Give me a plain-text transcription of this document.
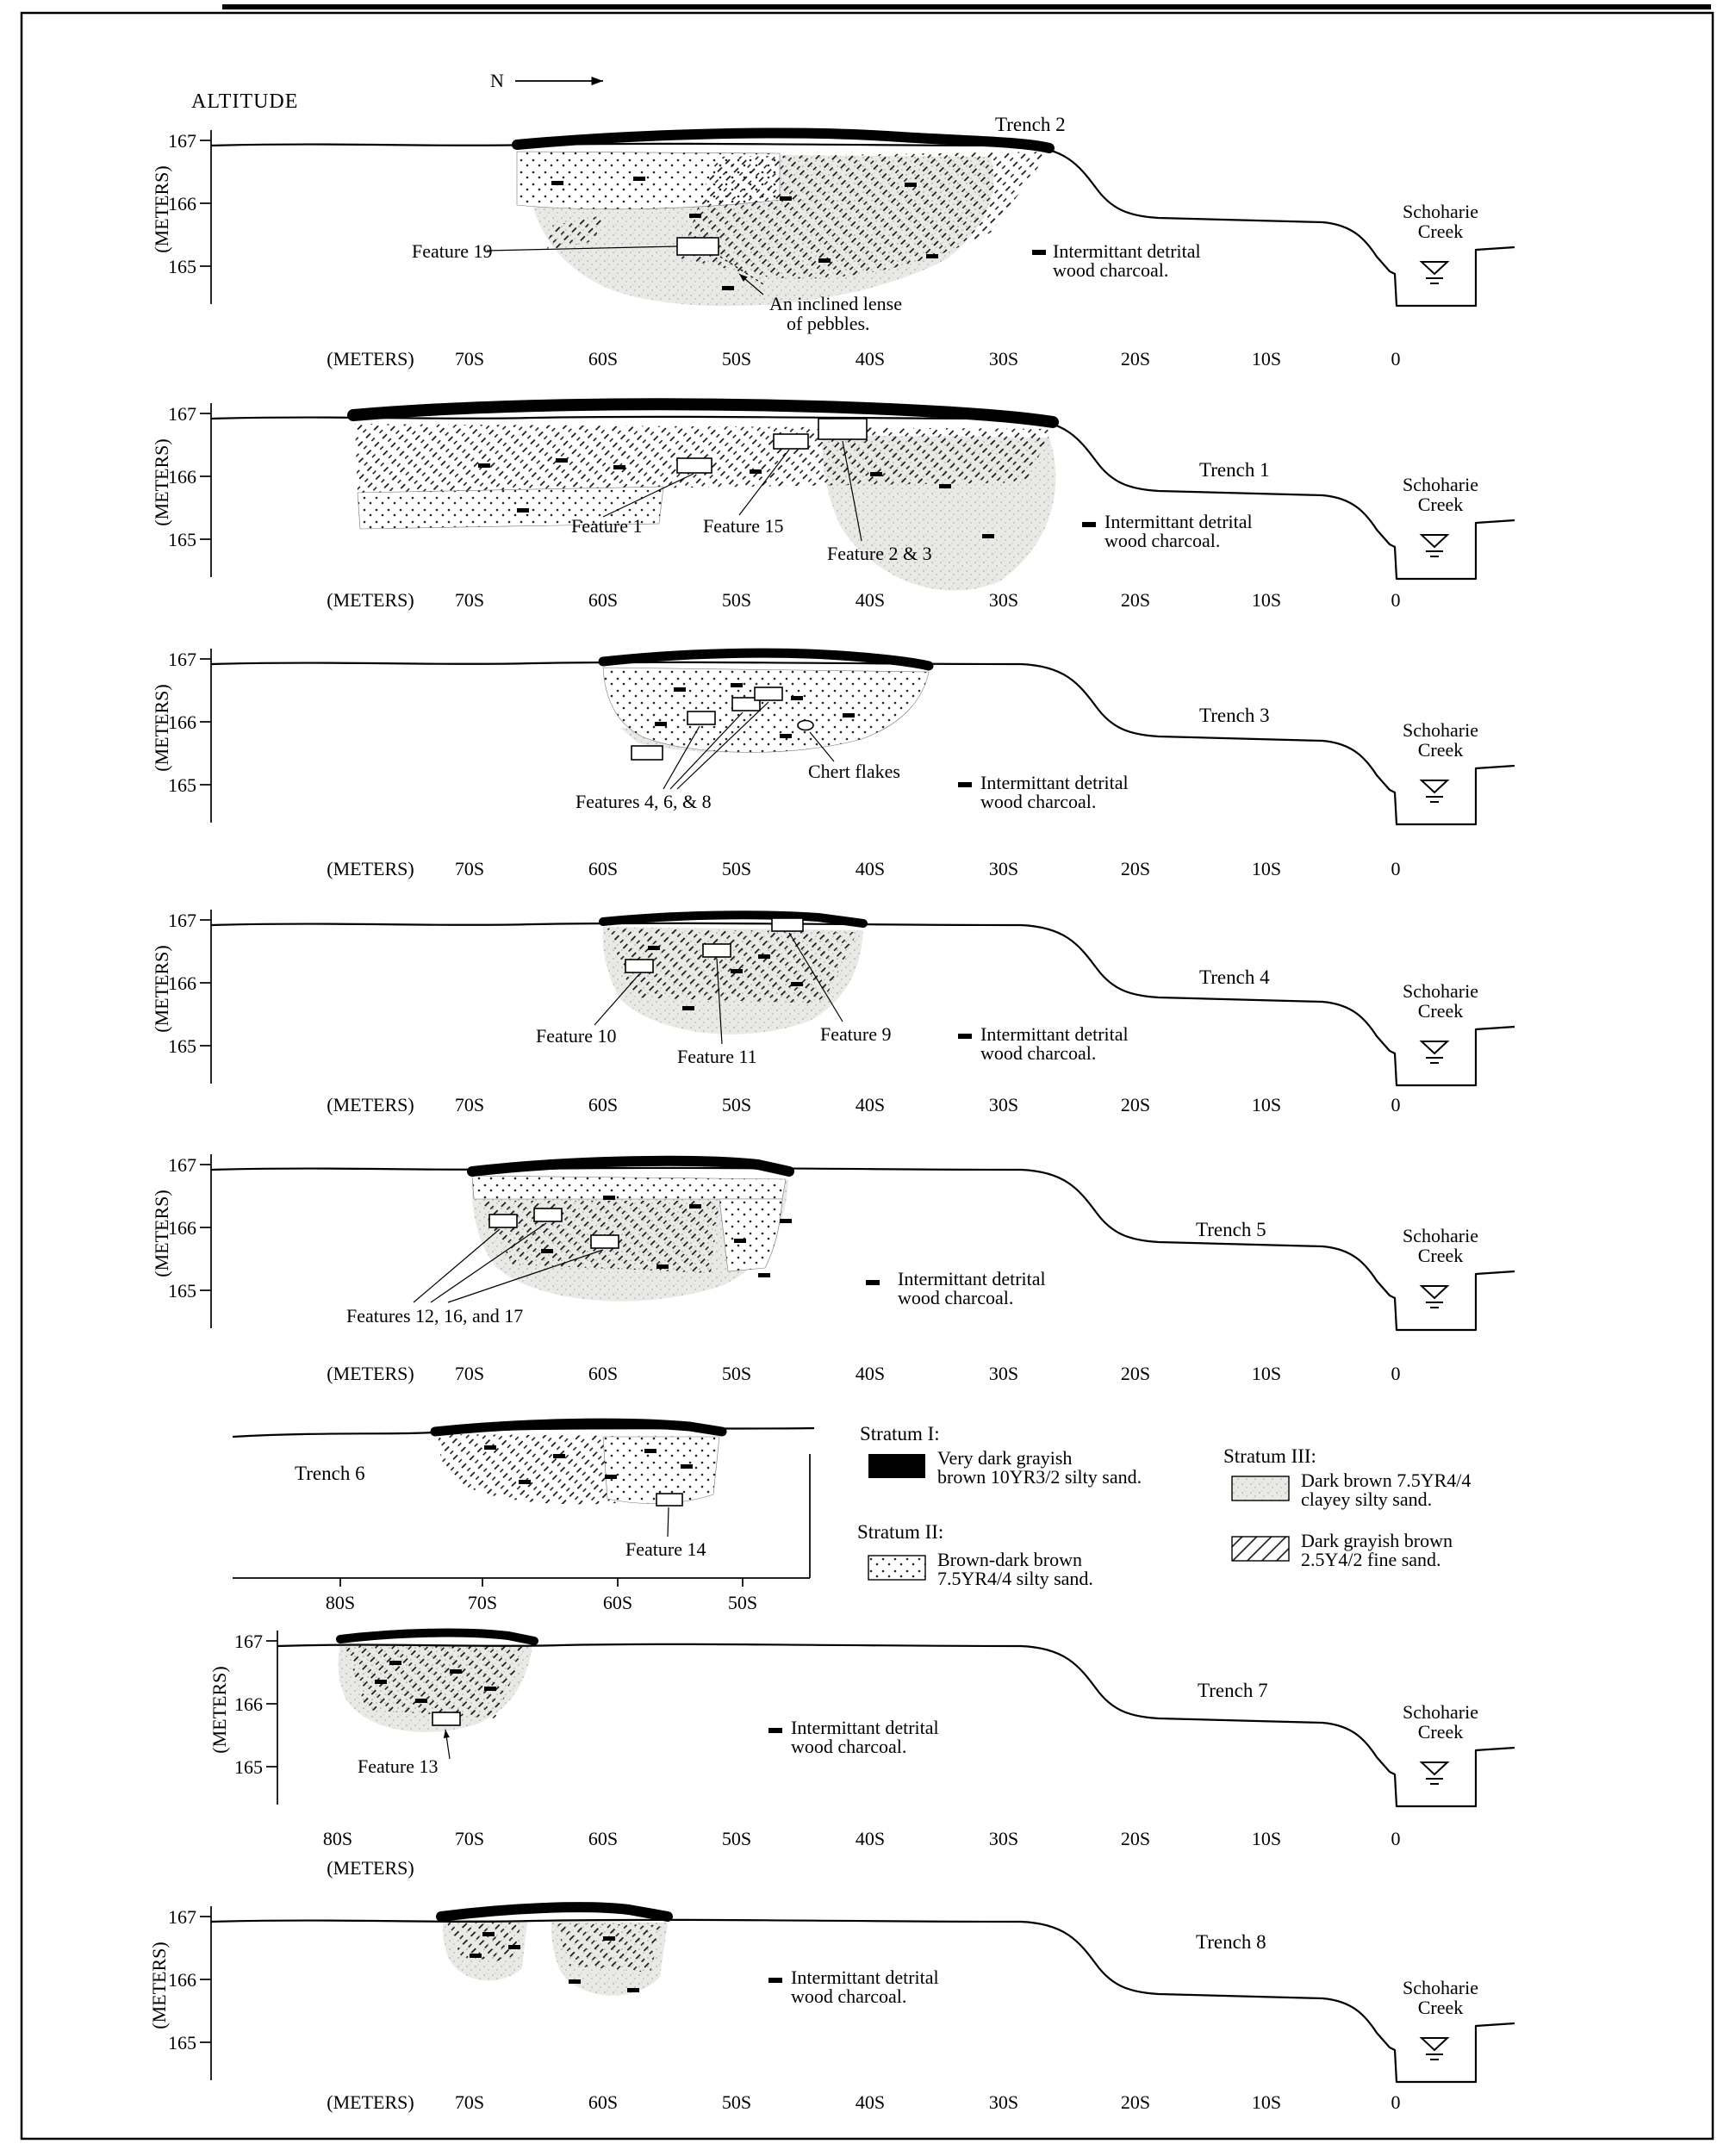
ALTITUDE
N
167
166
165
(METERS)	Feature 19
An inclined lense
of pebbles.
Intermittant detrital
wood charcoal.
Trench 2
Schoharie
Creek
(METERS) 70S	60S	50S	40S	30S	20S	10S	0
167
166
165
(METERS)	Feature 1	Feature 15
Feature 2 & 3
Intermittant detrital
wood charcoal.
Trench 1
Schoharie
Creek
(METERS) 70S	60S	50S	40S	30S	20S	10S	0
167
166
165
(METERS)
Features 4, 6, & 8
Chert flakes
Intermittant detrital
wood charcoal.
Trench 3
Schoharie
Creek
(METERS) 70S	60S	50S	40S	30S	20S	10S	0
167
166
165
(METERS)
Feature 10
Feature 11
Feature 9	Intermittant detrital
wood charcoal.
Trench 4
Schoharie
Creek
(METERS) 70S	60S	50S	40S	30S	20S	10S	0
167
166
165
(METERS)
Features 12, 16, and 17
Intermittant detrital
wood charcoal.
Trench 5	Schoharie
Creek
(METERS) 70S	60S	50S	40S	30S	20S	10S	0
Trench 6
Feature 14
80S	70S	60S	50S
Stratum I:
Very dark grayish
brown 10YR3/2 silty sand.
Stratum II:
Brown-dark brown
7.5YR4/4 silty sand.
Stratum III:
Dark brown 7.5YR4/4
clayey silty sand.
Dark grayish brown
2.5Y4/2 fine sand.
167
166
165
(METERS)
Feature 13
Intermittant detrital
wood charcoal.
Trench 7
Schoharie
Creek
80S	70S	60S	50S	40S	30S	20S	10S	0
(METERS)
167
166
165
(METERS)	Intermittant detrital
wood charcoal.
Trench 8
Schoharie
Creek
(METERS) 70S	60S	50S	40S	30S	20S	10S	0
